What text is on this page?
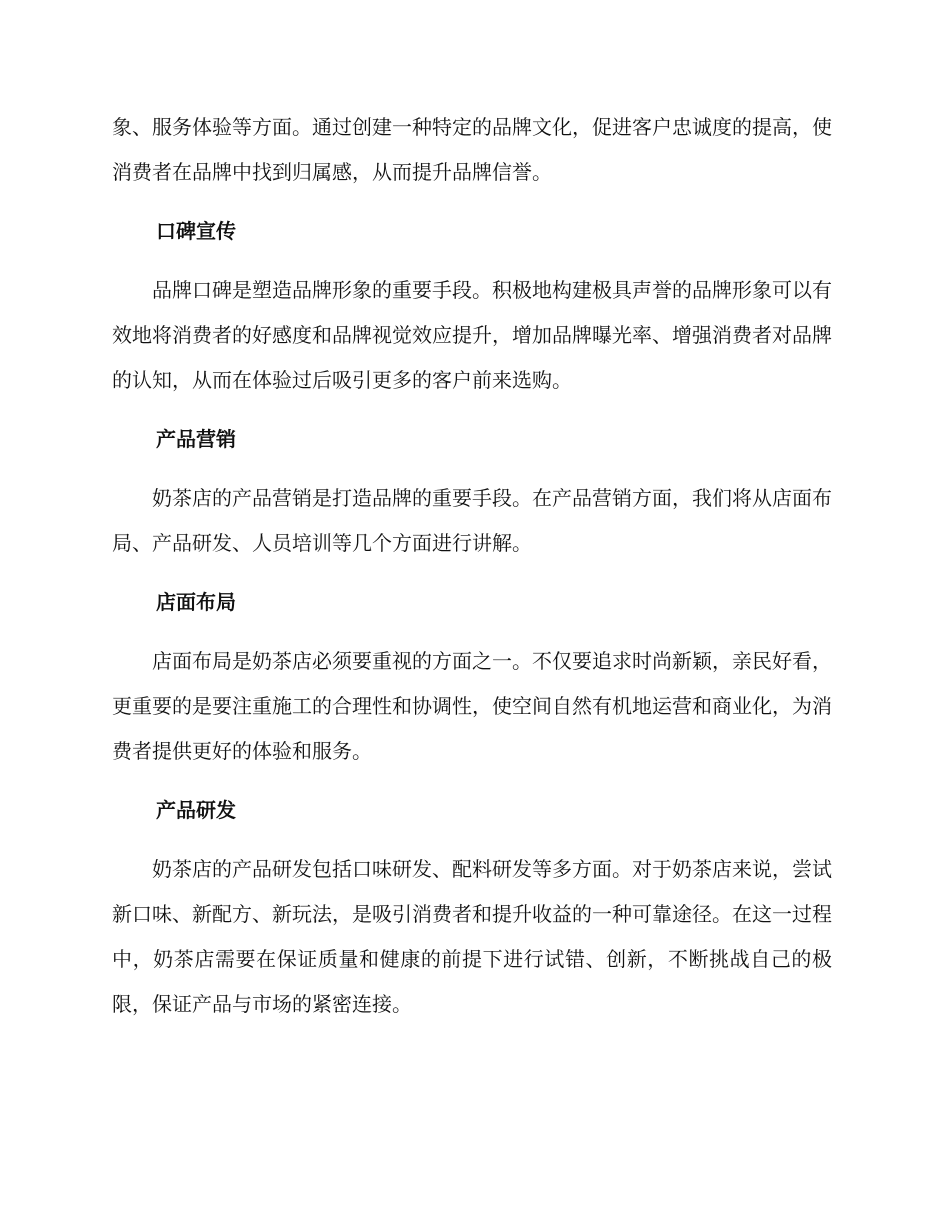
象、服务体验等方面。通过创建一种特定的品牌文化，促进客户忠诚度的提高，使消费者在品牌中找到归属感，从而提升品牌信誉。

口碑宣传

品牌口碑是塑造品牌形象的重要手段。积极地构建极具声誉的品牌形象可以有效地将消费者的好感度和品牌视觉效应提升，增加品牌曝光率、增强消费者对品牌的认知，从而在体验过后吸引更多的客户前来选购。

产品营销

奶茶店的产品营销是打造品牌的重要手段。在产品营销方面，我们将从店面布局、产品研发、人员培训等几个方面进行讲解。

店面布局

店面布局是奶茶店必须要重视的方面之一。不仅要追求时尚新颖，亲民好看，更重要的是要注重施工的合理性和协调性，使空间自然有机地运营和商业化，为消费者提供更好的体验和服务。

产品研发

奶茶店的产品研发包括口味研发、配料研发等多方面。对于奶茶店来说，尝试新口味、新配方、新玩法，是吸引消费者和提升收益的一种可靠途径。在这一过程中，奶茶店需要在保证质量和健康的前提下进行试错、创新，不断挑战自己的极限，保证产品与市场的紧密连接。
